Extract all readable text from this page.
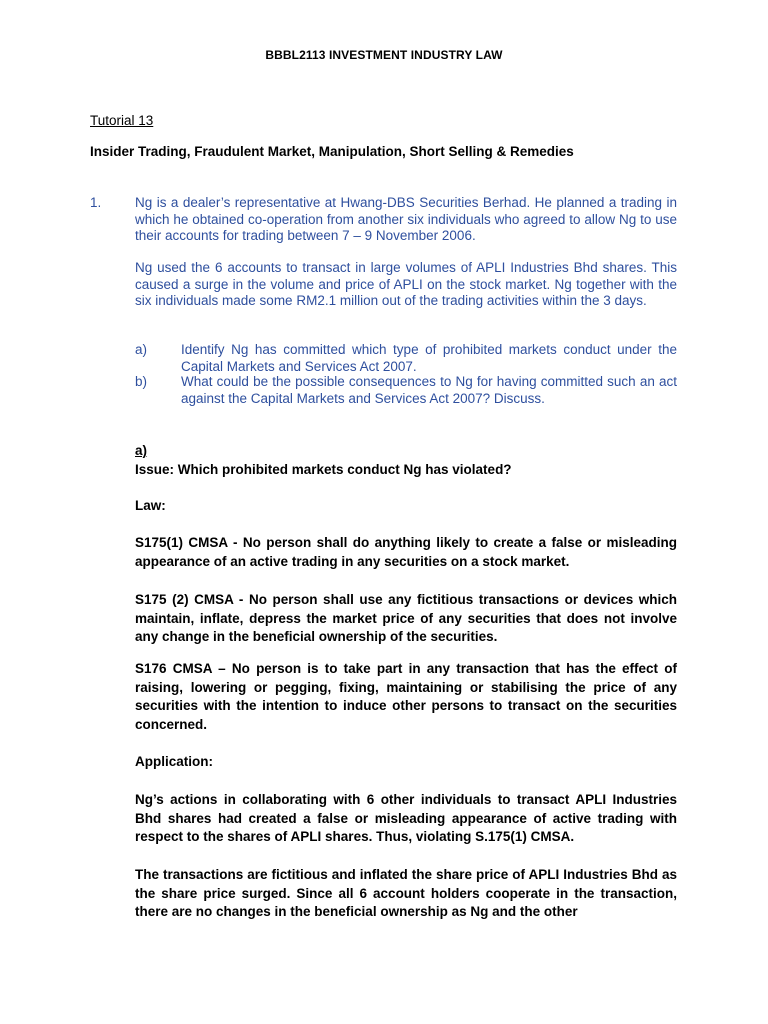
BBBL2113 INVESTMENT INDUSTRY LAW

Tutorial 13

Insider Trading, Fraudulent Market, Manipulation, Short Selling & Remedies

1. Ng is a dealer’s representative at Hwang-DBS Securities Berhad. He planned a trading in which he obtained co-operation from another six individuals who agreed to allow Ng to use their accounts for trading between 7 – 9 November 2006.

Ng used the 6 accounts to transact in large volumes of APLI Industries Bhd shares. This caused a surge in the volume and price of APLI on the stock market. Ng together with the six individuals made some RM2.1 million out of the trading activities within the 3 days.

a)	Identify Ng has committed which type of prohibited markets conduct under the Capital Markets and Services Act 2007.
b)	What could be the possible consequences to Ng for having committed such an act against the Capital Markets and Services Act 2007? Discuss.

a)

Issue: Which prohibited markets conduct Ng has violated?

Law:

S175(1) CMSA - No person shall do anything likely to create a false or misleading appearance of an active trading in any securities on a stock market.

S175 (2) CMSA - No person shall use any fictitious transactions or devices which maintain, inflate, depress the market price of any securities that does not involve any change in the beneficial ownership of the securities.

S176 CMSA – No person is to take part in any transaction that has the effect of raising, lowering or pegging, fixing, maintaining or stabilising the price of any securities with the intention to induce other persons to transact on the securities concerned.

Application:

Ng’s actions in collaborating with 6 other individuals to transact APLI Industries Bhd shares had created a false or misleading appearance of active trading with respect to the shares of APLI shares. Thus, violating S.175(1) CMSA.

The transactions are fictitious and inflated the share price of APLI Industries Bhd as the share price surged. Since all 6 account holders cooperate in the transaction, there are no changes in the beneficial ownership as Ng and the other
